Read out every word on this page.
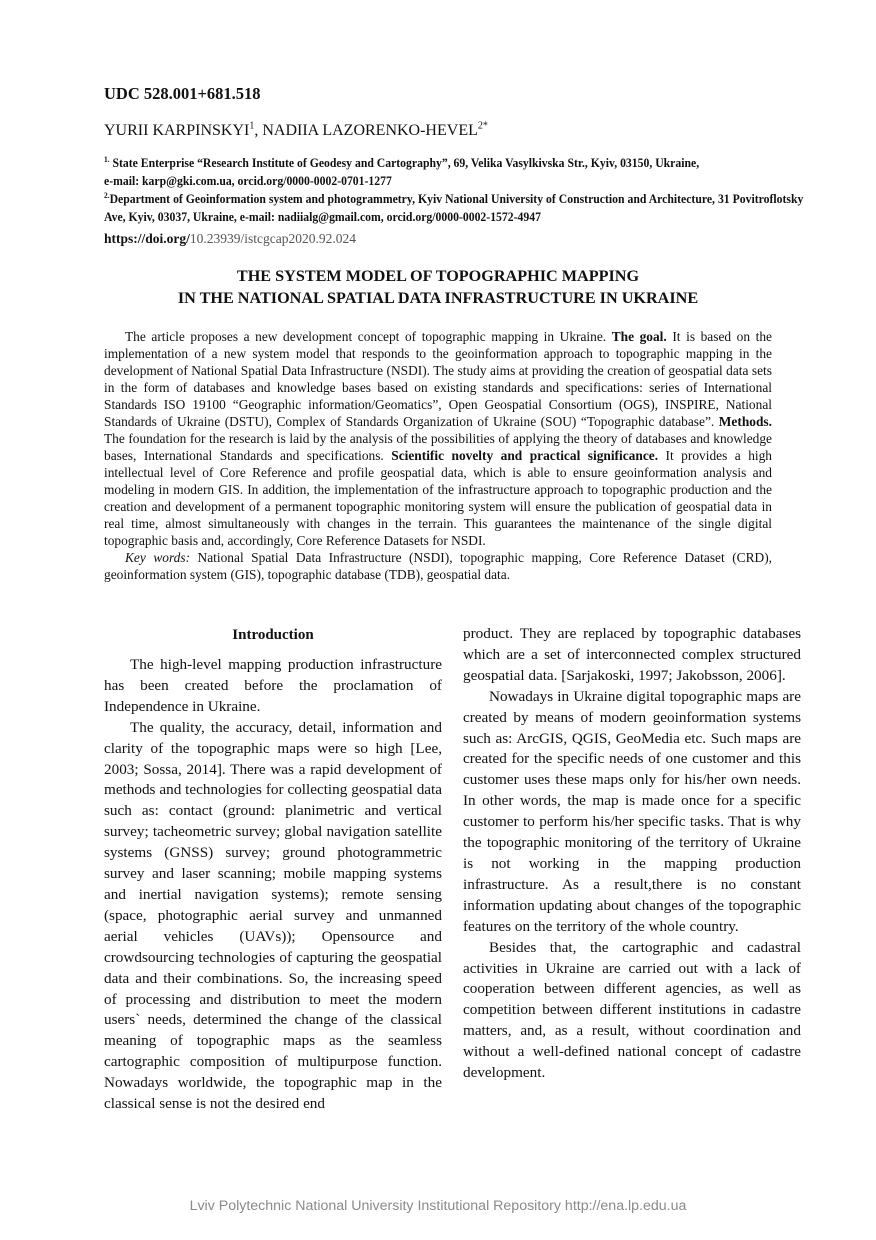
UDC 528.001+681.518
YURII KARPINSKYI$^1$, NADIIA LAZORENKO-$HEVEL^{2*}$
$^{1.}$ State Enterprise “Research Institute of Geodesy and Cartography”, 69, Velika Vasylkivska Str., Kyiv, 03150, Ukraine,
e-mail: karp@gki.com.ua, orcid.org/0000-0002-0701-1277
$^{2.}$Department of Geoinformation system and photogrammetry, Kyiv National University of Construction and Architecture, 31 Povitroflotsky Ave, Kyiv, 03037, Ukraine, e-mail: nadiialg@gmail.com, orcid.org/0000-0002-1572-4947
https://doi.org/10.23939/istcgcap2020.92.024
THE SYSTEM MODEL OF TOPOGRAPHIC MAPPING
IN THE NATIONAL SPATIAL DATA INFRASTRUCTURE IN UKRAINE

The article proposes a new development concept of topographic mapping in Ukraine. The goal. It is based on the implementation of a new system model that responds to the geoinformation approach to topographic mapping in the development of National Spatial Data Infrastructure (NSDI). The study aims at providing the creation of geospatial data sets in the form of databases and knowledge bases based on existing standards and specifications: series of International Standards ISO 19100 “Geographic information/Geomatics”, Open Geospatial Consortium (OGS), INSPIRE, National Standards of Ukraine (DSTU), Complex of Standards Organization of Ukraine (SOU) “Topographic database”. Methods. The foundation for the research is laid by the analysis of the possibilities of applying the theory of databases and knowledge bases, International Standards and specifications. Scientific novelty and practical significance. It provides a high intellectual level of Core Reference and profile geospatial data, which is able to ensure geoinformation analysis and modeling in modern GIS. In addition, the implementation of the infrastructure approach to topographic production and the creation and development of a permanent topographic monitoring system will ensure the publication of geospatial data in real time, almost simultaneously with changes in the terrain. This guarantees the maintenance of the single digital topographic basis and, accordingly, Core Reference Datasets for NSDI.

Key words: National Spatial Data Infrastructure (NSDI), topographic mapping, Core Reference Dataset (CRD), geoinformation system (GIS), topographic database (TDB), geospatial data.

Introduction

The high-level mapping production infrastructure has been created before the proclamation of Independence in Ukraine.

The quality, the accuracy, detail, information and clarity of the topographic maps were so high [Lee, 2003; Sossa, 2014]. There was a rapid development of methods and technologies for collecting geospatial data such as: contact (ground: planimetric and vertical survey; tacheometric survey; global navigation satellite systems (GNSS) survey; ground photogrammetric survey and laser scanning; mobile mapping systems and inertial navigation systems); remote sensing (space, photographic aerial survey and unmanned aerial vehicles (UAVs)); Opensource and crowdsourcing technologies of capturing the geospatial data and their combinations. So, the increasing speed of processing and distribution to meet the modern users` needs, determined the change of the classical meaning of topographic maps as the seamless cartographic composition of multipurpose function. Nowadays worldwide, the topographic map in the classical sense is not the desired end

product. They are replaced by topographic databases which are a set of interconnected complex structured geospatial data. [Sarjakoski, 1997; Jakobsson, 2006].

Nowadays in Ukraine digital topographic maps are created by means of modern geoinformation systems such as: ArcGIS, QGIS, GeoMedia etc. Such maps are created for the specific needs of one customer and this customer uses these maps only for his/her own needs. In other words, the map is made once for a specific customer to perform his/her specific tasks. That is why the topographic monitoring of the territory of Ukraine is not working in the mapping production infrastructure. As a result,there is no constant information updating about changes of the topographic features on the territory of the whole country.

Besides that, the cartographic and cadastral activities in Ukraine are carried out with a lack of cooperation between different agencies, as well as competition between different institutions in cadastre matters, and, as a result, without coordination and without a well-defined national concept of cadastre development.

Lviv Polytechnic National University Institutional Repository http://ena.lp.edu.ua
